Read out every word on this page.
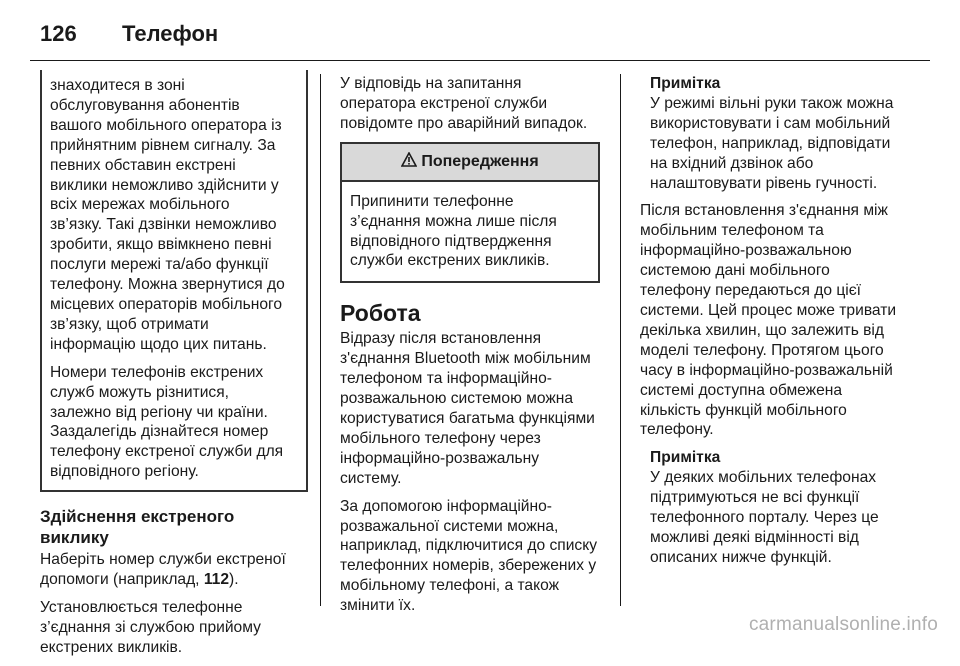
126	Телефон

знаходитеся в зоні
обслуговування абонентів
вашого мобільного оператора із
прийнятним рівнем сигналу. За
певних обставин екстрені
виклики неможливо здійснити у
всіх мережах мобільного
зв’язку. Такі дзвінки неможливо
зробити, якщо ввімкнено певні
послуги мережі та/або функції
телефону. Можна звернутися до
місцевих операторів мобільного
зв’язку, щоб отримати
інформацію щодо цих питань.

Номери телефонів екстрених
служб можуть різнитися,
залежно від регіону чи країни.
Заздалегідь дізнайтеся номер
телефону екстреної служби для
відповідного регіону.

Здійснення екстреного
виклику

Наберіть номер служби екстреної
допомоги (наприклад, 112).

Установлюється телефонне
з’єднання зі службою прийому
екстрених викликів.

У відповідь на запитання
оператора екстреної служби
повідомте про аварійний випадок.

Попередження
Припинити телефонне
з’єднання можна лише після
відповідного підтвердження
служби екстрених викликів.
Робота

Відразу після встановлення
з'єднання Bluetooth між мобільним
телефоном та інформаційно-
розважальною системою можна
користуватися багатьма функціями
мобільного телефону через
інформаційно-розважальну
систему.

За допомогою інформаційно-
розважальної системи можна,
наприклад, підключитися до списку
телефонних номерів, збережених у
мобільному телефоні, а також
змінити їх.

Примітка
У режимі вільні руки також можна
використовувати і сам мобільний
телефон, наприклад, відповідати
на вхідний дзвінок або
налаштовувати рівень гучності.

Після встановлення з'єднання між
мобільним телефоном та
інформаційно-розважальною
системою дані мобільного
телефону передаються до цієї
системи. Цей процес може тривати
декілька хвилин, що залежить від
моделі телефону. Протягом цього
часу в інформаційно-розважальній
системі доступна обмежена
кількість функцій мобільного
телефону.

Примітка
У деяких мобільних телефонах
підтримуються не всі функції
телефонного порталу. Через це
можливі деякі відмінності від
описаних нижче функцій.
carmanualsonline.info
